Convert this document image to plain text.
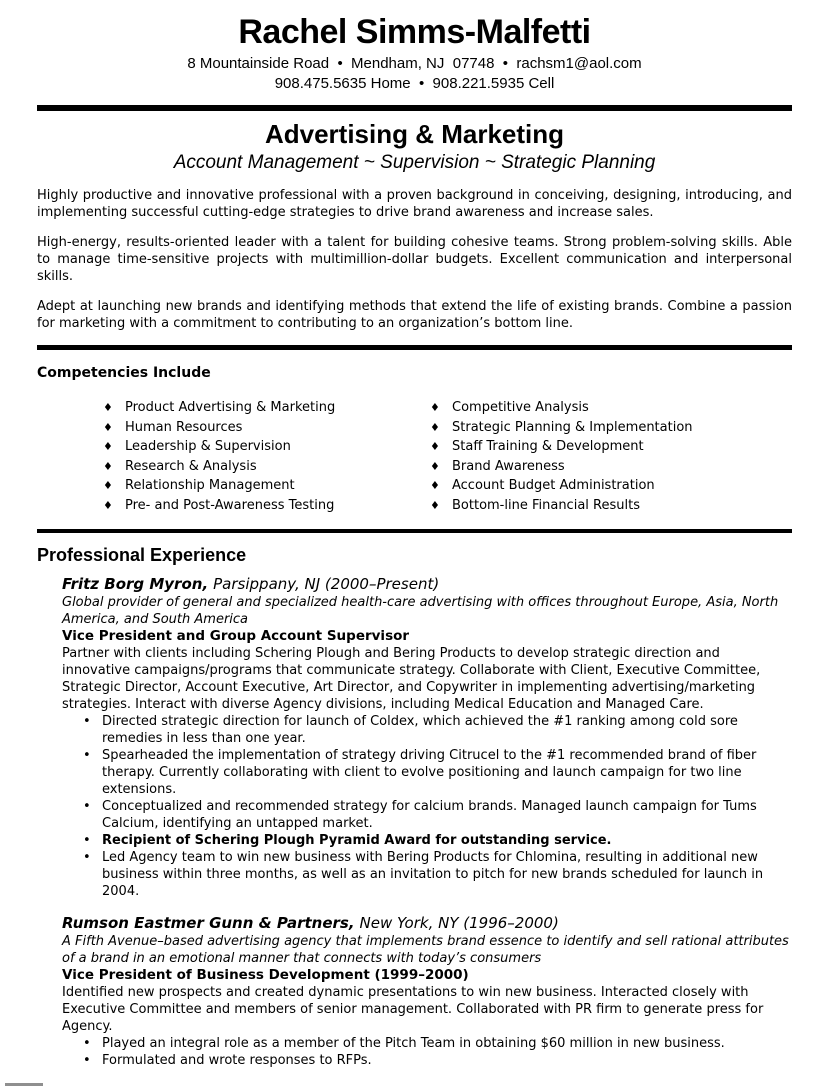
Rachel Simms-Malfetti
8 Mountainside Road  •  Mendham, NJ  07748  •  rachsm1@aol.com
908.475.5635 Home  •  908.221.5935 Cell
Advertising & Marketing
Account Management ~ Supervision ~ Strategic Planning

Highly productive and innovative professional with a proven background in conceiving, designing, introducing, and implementing successful cutting-edge strategies to drive brand awareness and increase sales.

High-energy, results-oriented leader with a talent for building cohesive teams. Strong problem-solving skills. Able to manage time-sensitive projects with multimillion-dollar budgets. Excellent communication and interpersonal skills.

Adept at launching new brands and identifying methods that extend the life of existing brands. Combine a passion for marketing with a commitment to contributing to an organization’s bottom line.

Competencies Include
♦ Product Advertising & Marketing
♦ Human Resources
♦ Leadership & Supervision
♦ Research & Analysis
♦ Relationship Management
♦ Pre- and Post-Awareness Testing
♦ Competitive Analysis
♦ Strategic Planning & Implementation
♦ Staff Training & Development
♦ Brand Awareness
♦ Account Budget Administration
♦ Bottom-line Financial Results
Professional Experience
Fritz Borg Myron, Parsippany, NJ (2000–Present)
Global provider of general and specialized health-care advertising with offices throughout Europe, Asia, North America, and South America
Vice President and Group Account Supervisor
Partner with clients including Schering Plough and Bering Products to develop strategic direction and innovative campaigns/programs that communicate strategy. Collaborate with Client, Executive Committee, Strategic Director, Account Executive, Art Director, and Copywriter in implementing advertising/marketing strategies. Interact with diverse Agency divisions, including Medical Education and Managed Care.
• Directed strategic direction for launch of Coldex, which achieved the #1 ranking among cold sore remedies in less than one year.
• Spearheaded the implementation of strategy driving Citrucel to the #1 recommended brand of fiber therapy. Currently collaborating with client to evolve positioning and launch campaign for two line extensions.
• Conceptualized and recommended strategy for calcium brands. Managed launch campaign for Tums Calcium, identifying an untapped market.
• Recipient of Schering Plough Pyramid Award for outstanding service.
• Led Agency team to win new business with Bering Products for Chlomina, resulting in additional new business within three months, as well as an invitation to pitch for new brands scheduled for launch in 2004.
Rumson Eastmer Gunn & Partners, New York, NY (1996–2000)
A Fifth Avenue–based advertising agency that implements brand essence to identify and sell rational attributes of a brand in an emotional manner that connects with today’s consumers
Vice President of Business Development (1999–2000)
Identified new prospects and created dynamic presentations to win new business. Interacted closely with Executive Committee and members of senior management. Collaborated with PR firm to generate press for Agency.
• Played an integral role as a member of the Pitch Team in obtaining $60 million in new business.
• Formulated and wrote responses to RFPs.
